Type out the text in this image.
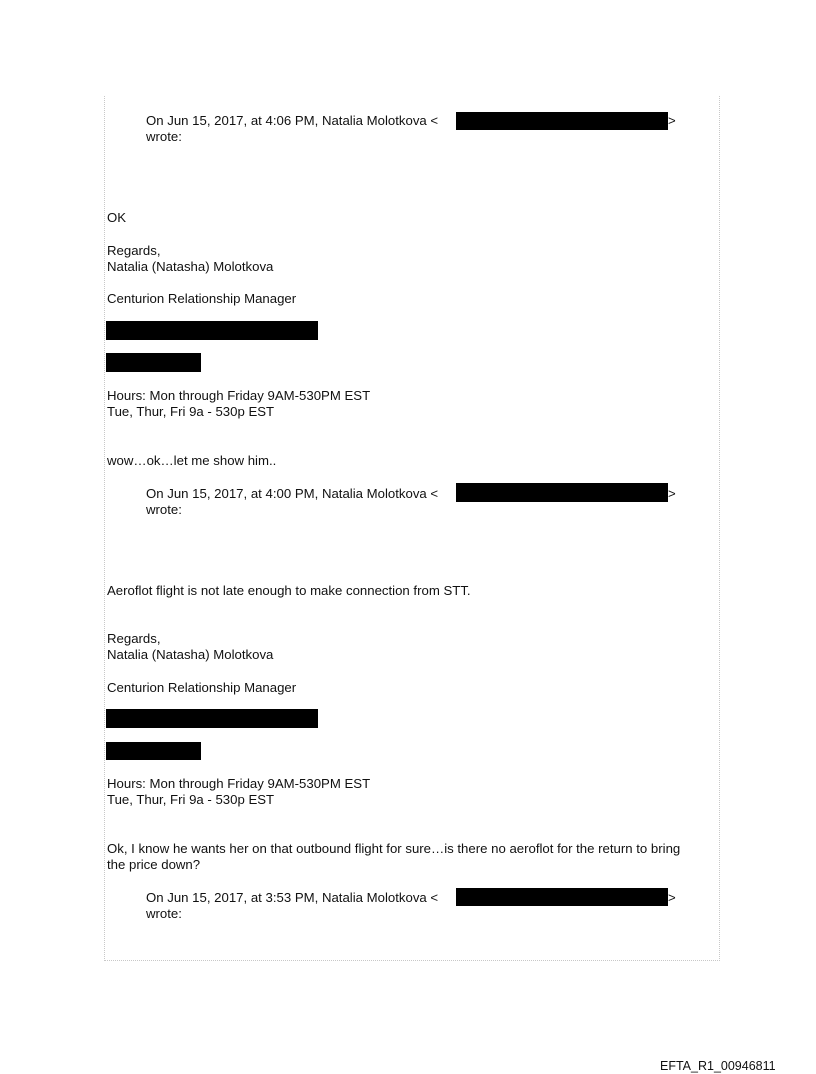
On Jun 15, 2017, at 4:06 PM, Natalia Molotkova <	>
wrote:
OK
Regards,
Natalia (Natasha) Molotkova
Centurion Relationship Manager
Hours: Mon through Friday 9AM-530PM EST
Tue, Thur, Fri 9a - 530p EST
wow…ok…let me show him..
On Jun 15, 2017, at 4:00 PM, Natalia Molotkova <	>
wrote:
Aeroflot flight is not late enough to make connection from STT.
Regards,
Natalia (Natasha) Molotkova
Centurion Relationship Manager
Hours: Mon through Friday 9AM-530PM EST
Tue, Thur, Fri 9a - 530p EST
Ok, I know he wants her on that outbound flight for sure…is there no aeroflot for the return to bring
the price down?
On Jun 15, 2017, at 3:53 PM, Natalia Molotkova <	>
wrote:
EFTA_R1_00946811
